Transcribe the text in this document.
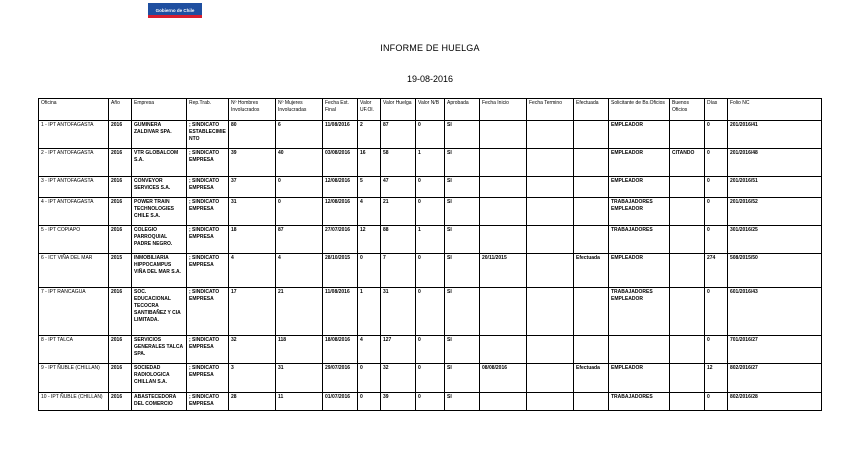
Gobierno de Chile
INFORME DE HUELGA
19-08-2016
Oficina	Año	Empresa	Rep.Trab.	Nº Hombres Involucrados	Nº Mujeres Involucradas	Fecha Est. Final	Valor UF.Ol.	Valor Huelga	Valor N/B	Aprobada	Fecha Inicio	Fecha Termino	Efectuada	Solicitante de Bs.Oficios	Buenos Oficios	Días	Folio NC
1 - IPT ANTOFAGASTA	2016	GUMINERA ZALDIVAR SPA.	; SINDICATO ESTABLECIMIENTO	80	6	11/08/2016	2	87	0	SI				EMPLEADOR		0	201/2016/41
2 - IPT ANTOFAGASTA	2016	VTR GLOBALCOM S.A.	; SINDICATO EMPRESA	39	40	03/08/2016	16	58	1	SI				EMPLEADOR	CITANDO	0	201/2016/48
3 - IPT ANTOFAGASTA	2016	CONVEYOR SERVICES S.A.	; SINDICATO EMPRESA	37	0	12/08/2016	5	47	0	SI				EMPLEADOR		0	201/2016/51
4 - IPT ANTOFAGASTA	2016	POWER TRAIN TECHNOLOGIES CHILE S.A.	; SINDICATO EMPRESA	31	0	12/08/2016	4	21	0	SI				TRABAJADORES EMPLEADOR		0	201/2016/52
5 - IPT COPIAPO	2016	COLEGIO PARROQUIAL PADRE NEGRO.	; SINDICATO EMPRESA	18	87	27/07/2016	12	88	1	SI				TRABAJADORES		0	301/2016/25
6 - ICT VIÑA DEL MAR	2015	INMOBILIARIA HIPPOCAMPUS VIÑA DEL MAR S.A.	; SINDICATO EMPRESA	4	4	28/10/2015	0	7	0	SI	20/11/2015		Efectuada	EMPLEADOR		274	508/2015/50
7 - IPT RANCAGUA	2016	SOC. EDUCACIONAL TECOCRA SANTIBAÑEZ Y CIA LIMITADA.	; SINDICATO EMPRESA	17	21	11/08/2016	1	31	0	SI				TRABAJADORES EMPLEADOR		0	601/2016/43
8 - IPT TALCA	2016	SERVICIOS GENERALES TALCA SPA.	; SINDICATO EMPRESA	32	118	18/08/2016	4	127	0	SI						0	701/2016/27
9 - IPT ÑUBLE (CHILLAN)	2016	SOCIEDAD RADIOLOGICA CHILLAN S.A.	; SINDICATO EMPRESA	3	31	29/07/2016	0	32	0	SI	08/08/2016		Efectuada	EMPLEADOR		12	802/2016/27
10 - IPT ÑUBLE (CHILLAN)	2016	ABASTECEDORA DEL COMERCIO	; SINDICATO EMPRESA	28	11	01/07/2016	0	39	0	SI				TRABAJADORES		0	802/2016/28
